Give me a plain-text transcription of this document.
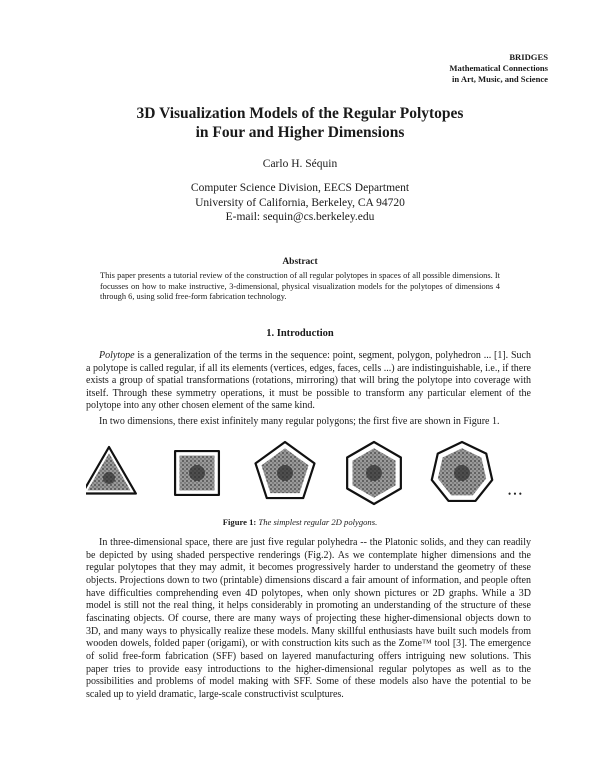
BRIDGES
Mathematical Connections
in Art, Music, and Science
3D Visualization Models of the Regular Polytopes
in Four and Higher Dimensions
Carlo H. Séquin
Computer Science Division, EECS Department
University of California, Berkeley, CA 94720
E-mail: sequin@cs.berkeley.edu
Abstract
This paper presents a tutorial review of the construction of all regular polytopes in spaces of all possible dimensions. It focusses on how to make instructive, 3-dimensional, physical visualization models for the polytopes of dimensions 4 through 6, using solid free-form fabrication technology.
1. Introduction
Polytope is a generalization of the terms in the sequence: point, segment, polygon, polyhedron ... [1]. Such a polytope is called regular, if all its elements (vertices, edges, faces, cells ...) are indistinguishable, i.e., if there exists a group of spatial transformations (rotations, mirroring) that will bring the polytope into coverage with itself. Through these symmetry operations, it must be possible to transform any particular element of the polytope into any other chosen element of the same kind.
In two dimensions, there exist infinitely many regular polygons; the first five are shown in Figure 1.
• • •
Figure 1: The simplest regular 2D polygons.
In three-dimensional space, there are just five regular polyhedra -- the Platonic solids, and they can readily be depicted by using shaded perspective renderings (Fig.2). As we contemplate higher dimensions and the regular polytopes that they may admit, it becomes progressively harder to understand the geometry of these objects. Projections down to two (printable) dimensions discard a fair amount of information, and people often have difficulties comprehending even 4D polytopes, when only shown pictures or 2D graphs. While a 3D model is still not the real thing, it helps considerably in promoting an understanding of the structure of these fascinating objects. Of course, there are many ways of projecting these higher-dimensional objects down to 3D, and many ways to physically realize these models. Many skillful enthusiasts have built such models from wooden dowels, folded paper (origami), or with construction kits such as the Zome™ tool [3]. The emergence of solid free-form fabrication (SFF) based on layered manufacturing offers intriguing new solutions. This paper tries to provide easy introductions to the higher-dimensional regular polytopes as well as to the possibilities and problems of model making with SFF. Some of these models also have the potential to be scaled up to yield dramatic, large-scale constructivist sculptures.
